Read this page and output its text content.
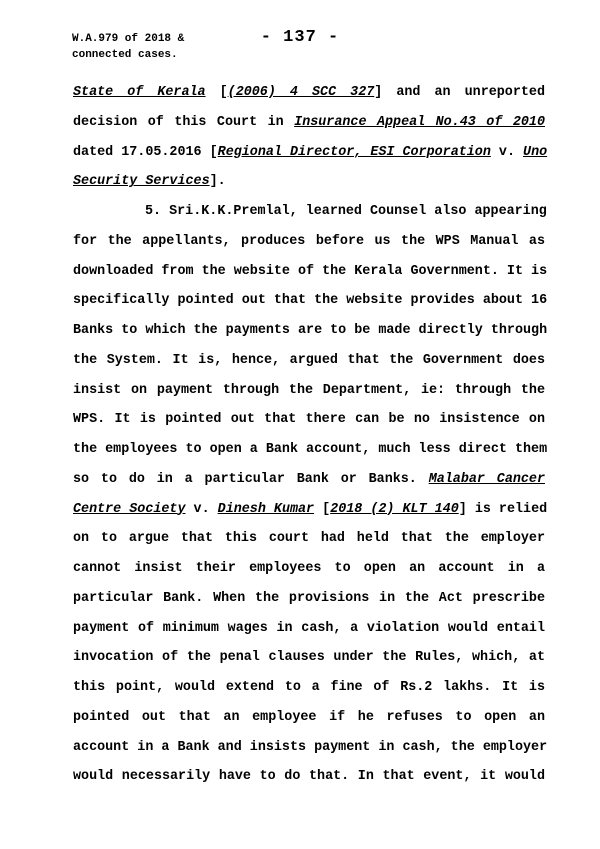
W.A.979 of 2018 &
connected cases.
- 137 -
State of Kerala [(2006) 4 SCC 327] and an unreported
decision of this Court in Insurance Appeal No.43 of 2010
dated 17.05.2016 [Regional Director, ESI Corporation v. Uno
Security Services].
5. Sri.K.K.Premlal, learned Counsel also appearing
for the appellants, produces before us the WPS Manual as
downloaded from the website of the Kerala Government. It is
specifically pointed out that the website provides about 16
Banks to which the payments are to be made directly through
the System. It is, hence, argued that the Government does
insist on payment through the Department, ie: through the
WPS. It is pointed out that there can be no insistence on
the employees to open a Bank account, much less direct them
so to do in a particular Bank or Banks. Malabar Cancer
Centre Society v. Dinesh Kumar [2018 (2) KLT 140] is relied
on to argue that this court had held that the employer
cannot insist their employees to open an account in a
particular Bank. When the provisions in the Act prescribe
payment of minimum wages in cash, a violation would entail
invocation of the penal clauses under the Rules, which, at
this point, would extend to a fine of Rs.2 lakhs. It is
pointed out that an employee if he refuses to open an
account in a Bank and insists payment in cash, the employer
would necessarily have to do that. In that event, it would
